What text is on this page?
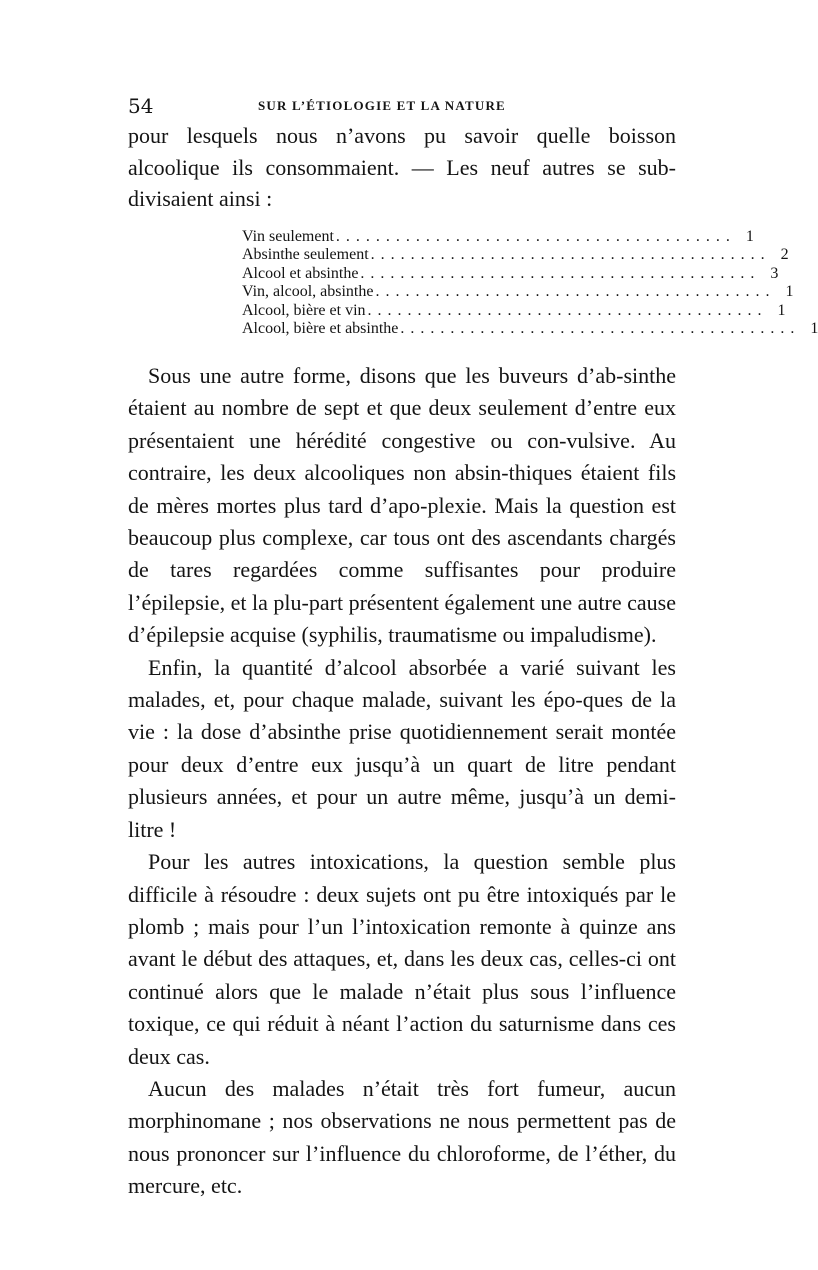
54	SUR L’ÉTIOLOGIE ET LA NATURE

pour lesquels nous n’avons pu savoir quelle boisson alcoolique ils consommaient. — Les neuf autres se sub-divisaient ainsi :

Vin seulement ........................................ 1
Absinthe seulement ........................................ 2
Alcool et absinthe ........................................ 3
Vin, alcool, absinthe ........................................ 1
Alcool, bière et vin ........................................ 1
Alcool, bière et absinthe ........................................ 1

Sous une autre forme, disons que les buveurs d’ab-sinthe étaient au nombre de sept et que deux seulement d’entre eux présentaient une hérédité congestive ou con-vulsive. Au contraire, les deux alcooliques non absin-thiques étaient fils de mères mortes plus tard d’apo-plexie. Mais la question est beaucoup plus complexe, car tous ont des ascendants chargés de tares regardées comme suffisantes pour produire l’épilepsie, et la plu-part présentent également une autre cause d’épilepsie acquise (syphilis, traumatisme ou impaludisme).

Enfin, la quantité d’alcool absorbée a varié suivant les malades, et, pour chaque malade, suivant les épo-ques de la vie : la dose d’absinthe prise quotidiennement serait montée pour deux d’entre eux jusqu’à un quart de litre pendant plusieurs années, et pour un autre même, jusqu’à un demi-litre !

Pour les autres intoxications, la question semble plus difficile à résoudre : deux sujets ont pu être intoxiqués par le plomb ; mais pour l’un l’intoxication remonte à quinze ans avant le début des attaques, et, dans les deux cas, celles-ci ont continué alors que le malade n’était plus sous l’influence toxique, ce qui réduit à néant l’action du saturnisme dans ces deux cas.

Aucun des malades n’était très fort fumeur, aucun morphinomane ; nos observations ne nous permettent pas de nous prononcer sur l’influence du chloroforme, de l’éther, du mercure, etc.
